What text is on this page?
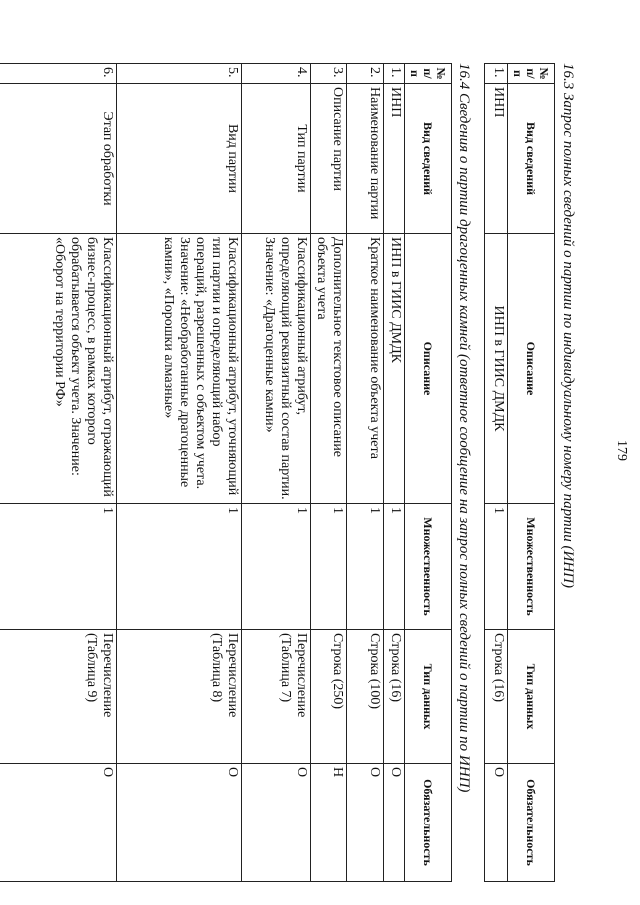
179
16.3 Запрос полных сведений о партии по индивидуальному номеру партии (ИНП)
№ п/п	Вид сведений	Описание	Множественность	Тип данных	Обязательность
1.	ИНП	ИНП в ГИИС ДМДК	1	Строка (16)	О
16.4 Сведения о партии драгоценных камней (ответное сообщение на запрос полных сведений о партии по ИНП)
№ п/п	Вид сведений	Описание	Множественность	Тип данных	Обязательность
1.	ИНП	ИНП в ГИИС ДМДК	1	Строка (16)	О
2.	Наименование партии	Краткое наименование объекта учета	1	Строка (100)	О
3.	Описание партии	Дополнительное текстовое описание объекта учета	1	Строка (250)	Н
4.	Тип партии	Классификационный атрибут, определяющий реквизитный состав партии. Значение: «Драгоценные камни»	1	Перечисление (Таблица 7)	О
5.	Вид партии	Классификационный атрибут, уточняющий тип партии и определяющий набор операций, разрешенных с объектом учета. Значение: «Необработанные драгоценные камни», «Порошки алмазные»	1	Перечисление (Таблица 8)	О
6.	Этап обработки	Классификационный атрибут, отражающий бизнес-процесс, в рамках которого обрабатывается объект учета. Значение: «Оборот на территории РФ»	1	Перечисление (Таблица 9)	О
